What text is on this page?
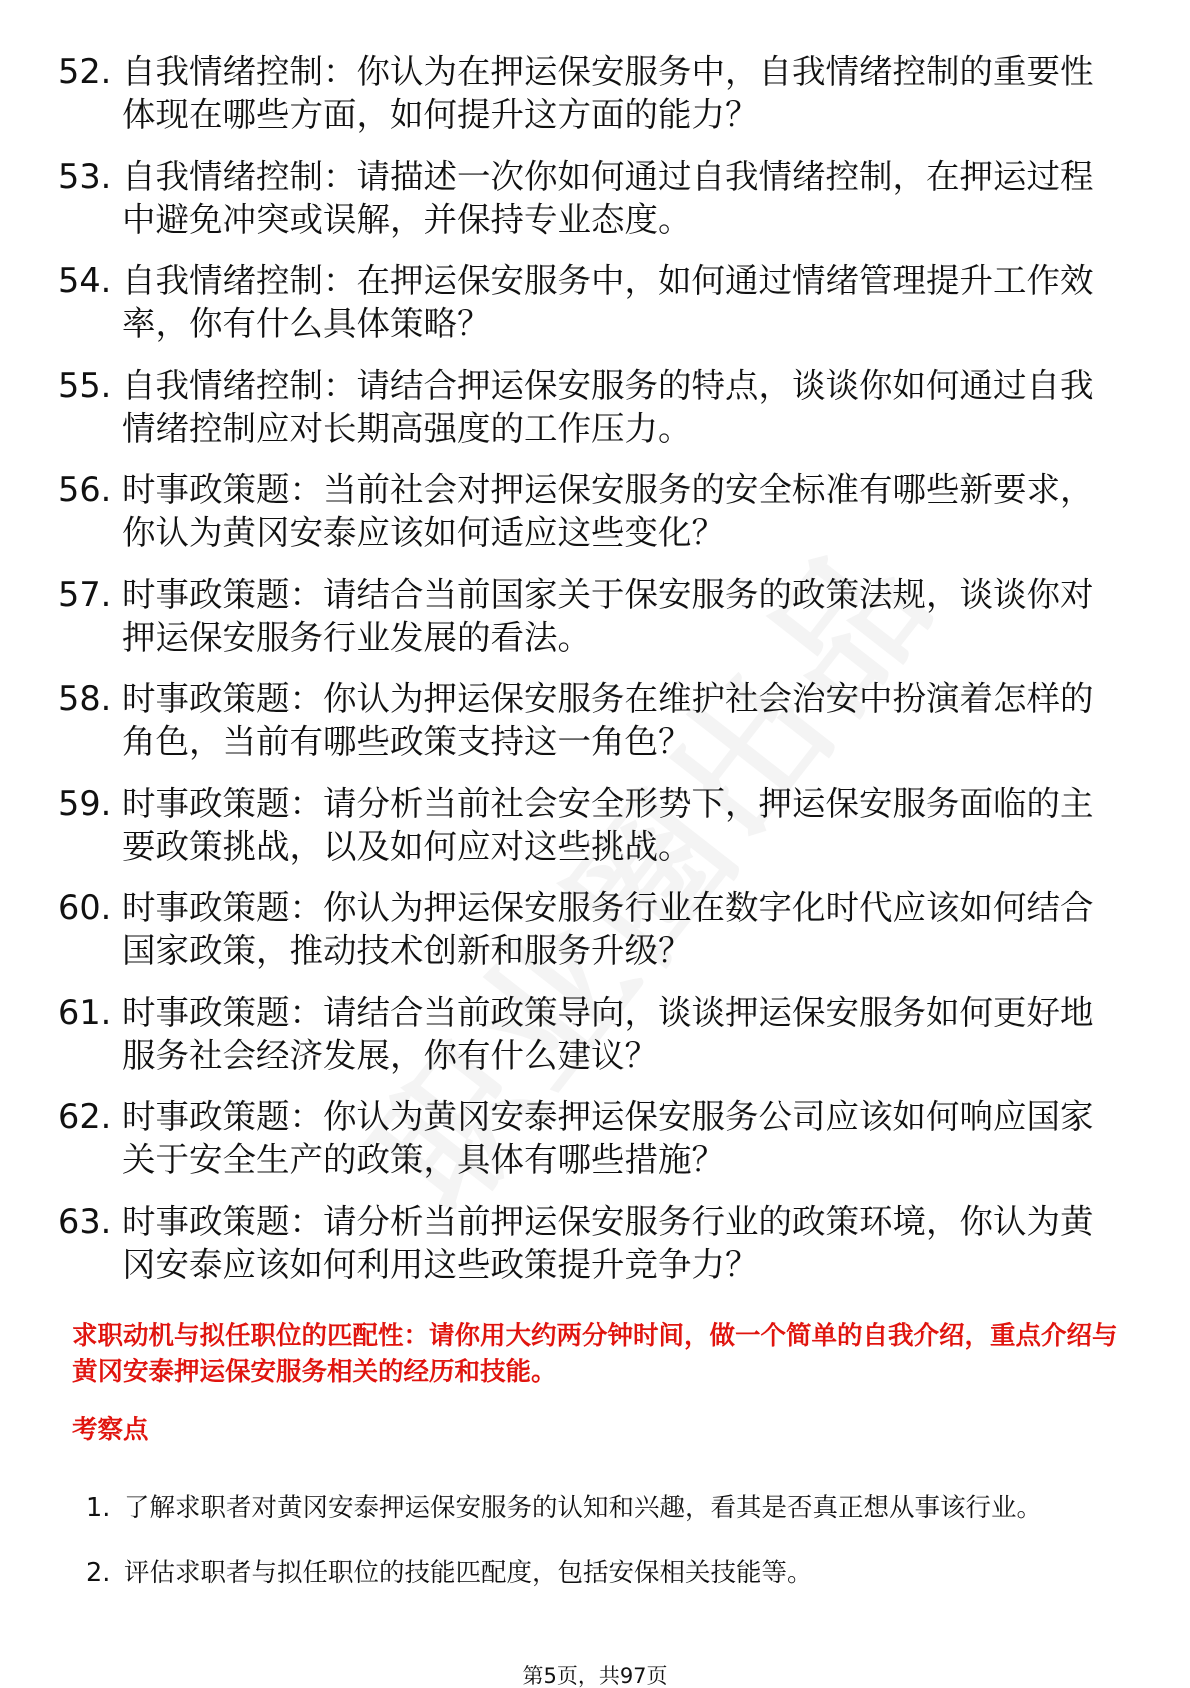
52. 自我情绪控制：你认为在押运保安服务中，自我情绪控制的重要性体现在哪些方面，如何提升这方面的能力？
53. 自我情绪控制：请描述一次你如何通过自我情绪控制，在押运过程中避免冲突或误解，并保持专业态度。
54. 自我情绪控制：在押运保安服务中，如何通过情绪管理提升工作效率，你有什么具体策略？
55. 自我情绪控制：请结合押运保安服务的特点，谈谈你如何通过自我情绪控制应对长期高强度的工作压力。
56. 时事政策题：当前社会对押运保安服务的安全标准有哪些新要求，你认为黄冈安泰应该如何适应这些变化？
57. 时事政策题：请结合当前国家关于保安服务的政策法规，谈谈你对押运保安服务行业发展的看法。
58. 时事政策题：你认为押运保安服务在维护社会治安中扮演着怎样的角色，当前有哪些政策支持这一角色？
59. 时事政策题：请分析当前社会安全形势下，押运保安服务面临的主要政策挑战，以及如何应对这些挑战。
60. 时事政策题：你认为押运保安服务行业在数字化时代应该如何结合国家政策，推动技术创新和服务升级？
61. 时事政策题：请结合当前政策导向，谈谈押运保安服务如何更好地服务社会经济发展，你有什么建议？
62. 时事政策题：你认为黄冈安泰押运保安服务公司应该如何响应国家关于安全生产的政策，具体有哪些措施？
63. 时事政策题：请分析当前押运保安服务行业的政策环境，你认为黄冈安泰应该如何利用这些政策提升竞争力？

求职动机与拟任职位的匹配性：请你用大约两分钟时间，做一个简单的自我介绍，重点介绍与黄冈安泰押运保安服务相关的经历和技能。

考察点

1. 了解求职者对黄冈安泰押运保安服务的认知和兴趣，看其是否真正想从事该行业。
2. 评估求职者与拟任职位的技能匹配度，包括安保相关技能等。
第5页，共97页
